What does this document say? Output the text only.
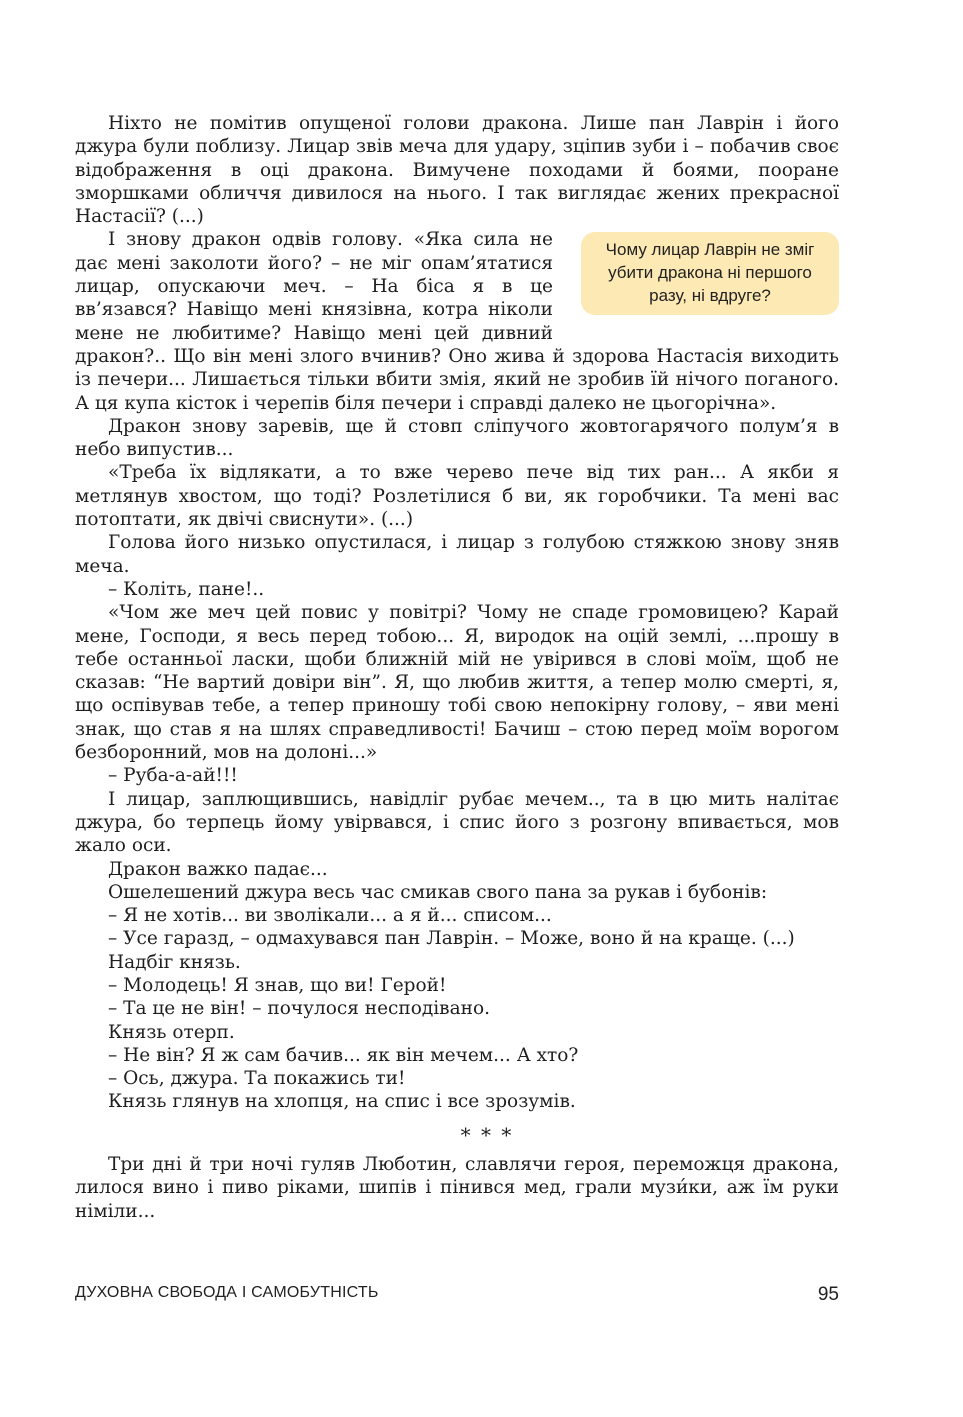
Ніхто не помітив опущеної голови дракона. Лише пан Лаврін і його джура були поблизу. Лицар звів меча для удару, зціпив зуби і – побачив своє відображення в оці дракона. Вимучене походами й боями, пооране зморшками обличчя дивилося на нього. І так виглядає жених прекрасної Настасії? (...)

Чому лицар Лаврін не зміг убити дракона ні першого разу, ні вдруге?
І знову дракон одвів голову. «Яка сила не дає мені заколоти його? – не міг опам’ятатися лицар, опускаючи меч. – На біса я в це вв’язався? Навіщо мені князівна, котра ніколи мене не любитиме? Навіщо мені цей дивний дракон?.. Що він мені злого вчинив? Оно жива й здорова Настасія виходить із печери... Лишається тільки вбити змія, який не зробив їй нічого поганого. А ця купа кісток і черепів біля печери і справді далеко не цьогорічна».

Дракон знову заревів, ще й стовп сліпучого жовтогарячого полум’я в небо випустив...

«Треба їх відлякати, а то вже черево пече від тих ран... А якби я метлянув хвостом, що тоді? Розлетілися б ви, як горобчики. Та мені вас потоптати, як двічі свиснути». (...)

Голова його низько опустилася, і лицар з голубою стяжкою знову зняв меча.

– Коліть, пане!..

«Чом же меч цей повис у повітрі? Чому не спаде громовицею? Карай мене, Господи, я весь перед тобою... Я, виродок на оцій землі, ...прошу в тебе останньої ласки, щоби ближній мій не увірився в слові моїм, щоб не сказав: “Не вартий довіри він”. Я, що любив життя, а тепер молю смерті, я, що оспівував тебе, а тепер приношу тобі свою непокірну голову, – яви мені знак, що став я на шлях справедливості! Бачиш – стою перед моїм ворогом безборонний, мов на долоні...»

– Руба-а-ай!!!

І лицар, заплющившись, навідліг рубає мечем.., та в цю мить налітає джура, бо терпець йому увірвався, і спис його з розгону впивається, мов жало оси.

Дракон важко падає...

Ошелешений джура весь час смикав свого пана за рукав і бубонів:

– Я не хотів... ви зволікали... а я й... списом...

– Усе гаразд, – одмахувався пан Лаврін. – Може, воно й на краще. (...)

Надбіг князь.

– Молодець! Я знав, що ви! Герой!

– Та це не він! – почулося несподівано.

Князь отерп.

– Не він? Я ж сам бачив... як він мечем... А хто?

– Ось, джура. Та покажись ти!

Князь глянув на хлопця, на спис і все зрозумів.

* * *

Три дні й три ночі гуляв Люботин, славлячи героя, переможця дракона, лилося вино і пиво ріками, шипів і пінився мед, грали музи́ки, аж їм руки німіли...

ДУХОВНА СВОБОДА І САМОБУТНІСТЬ	95
